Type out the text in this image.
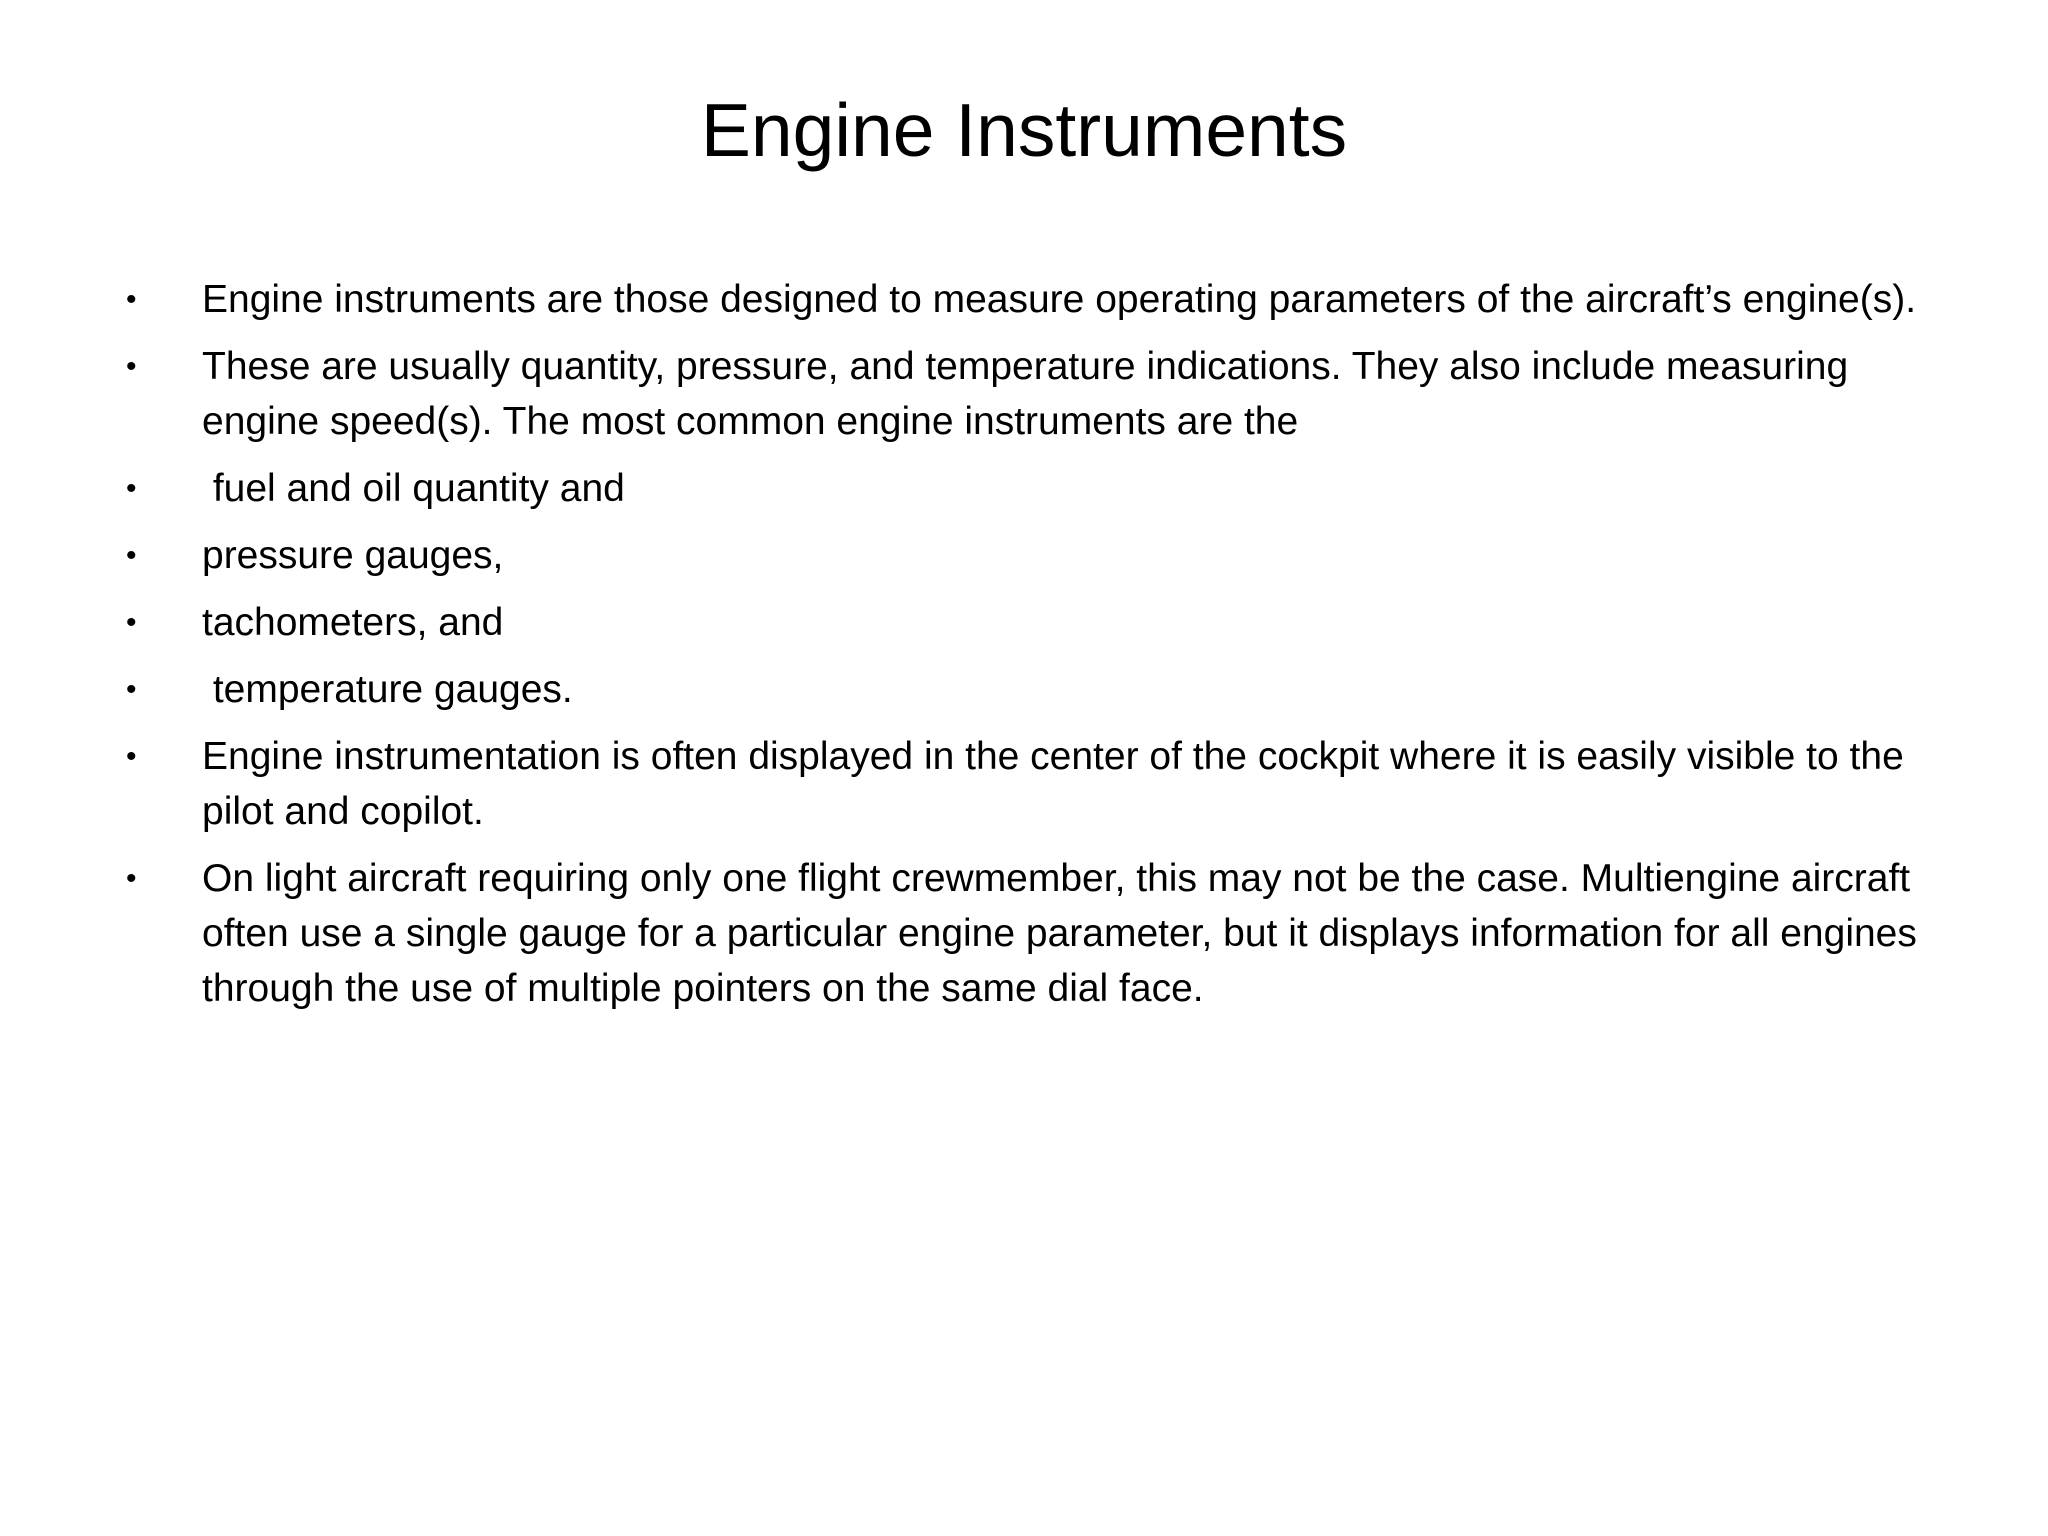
Engine Instruments
• Engine instruments are those designed to measure operating parameters of the aircraft’s engine(s).
• These are usually quantity, pressure, and temperature indications. They also include measuring engine speed(s). The most common engine instruments are the
• fuel and oil quantity and
• pressure gauges,
• tachometers, and
• temperature gauges.
• Engine instrumentation is often displayed in the center of the cockpit where it is easily visible to the pilot and copilot.
• On light aircraft requiring only one flight crewmember, this may not be the case. Multiengine aircraft often use a single gauge for a particular engine parameter, but it displays information for all engines through the use of multiple pointers on the same dial face.
